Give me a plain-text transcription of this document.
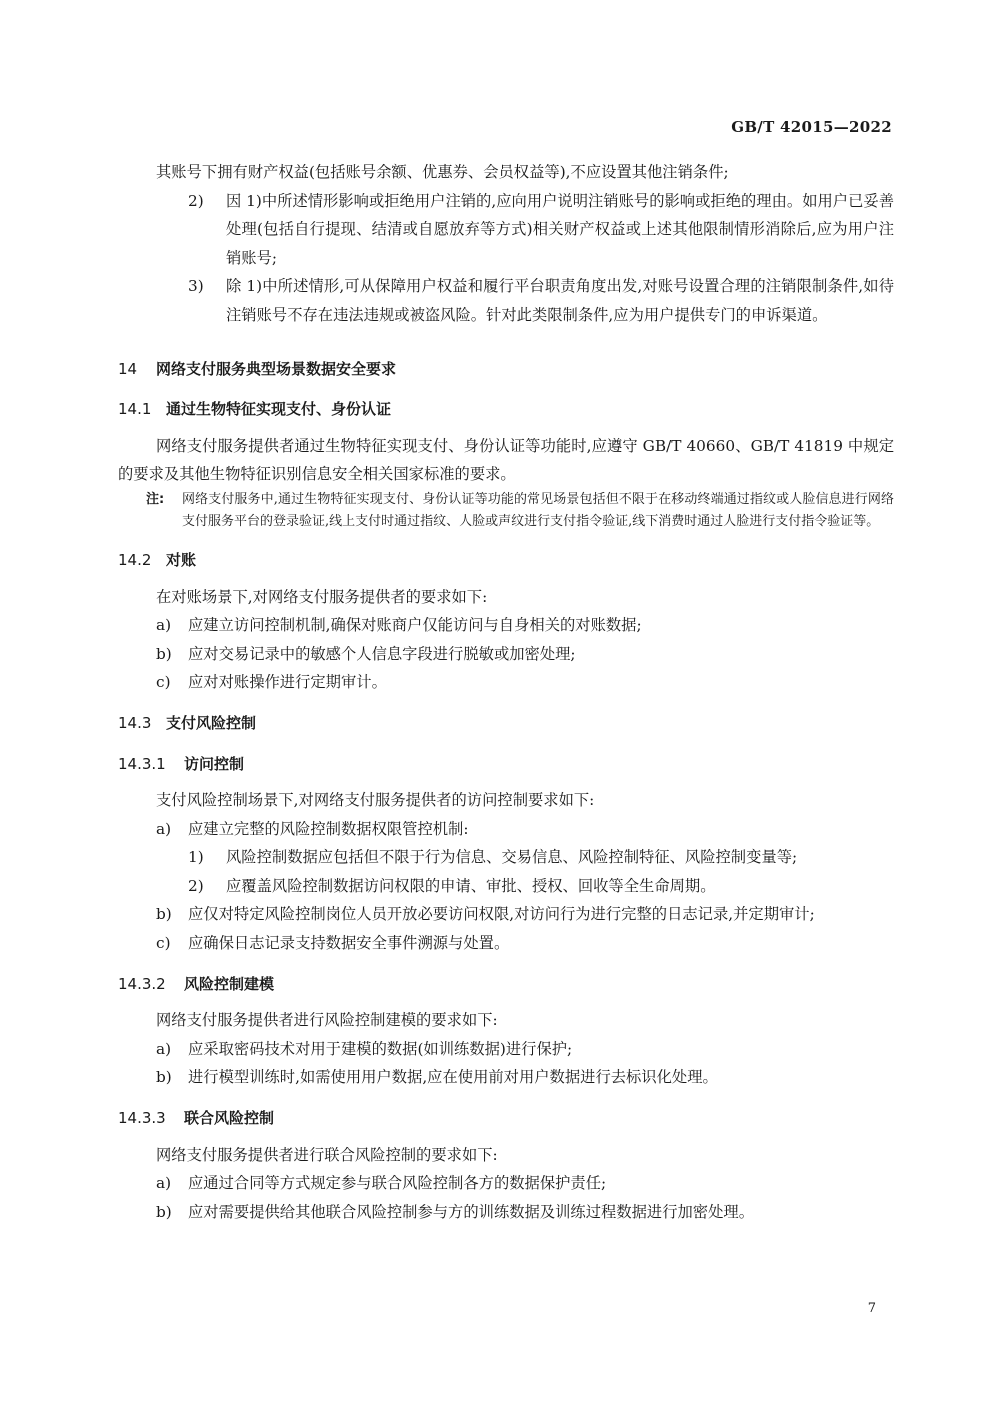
GB/T 42015—2022

其账号下拥有财产权益(包括账号余额、优惠券、会员权益等),不应设置其他注销条件;

2)	因 1)中所述情形影响或拒绝用户注销的,应向用户说明注销账号的影响或拒绝的理由。如用户已妥善处理(包括自行提现、结清或自愿放弃等方式)相关财产权益或上述其他限制情形消除后,应为用户注销账号;
3)	除 1)中所述情形,可从保障用户权益和履行平台职责角度出发,对账号设置合理的注销限制条件,如待注销账号不存在违法违规或被盗风险。针对此类限制条件,应为用户提供专门的申诉渠道。
14 网络支付服务典型场景数据安全要求
14.1 通过生物特征实现支付、身份认证

网络支付服务提供者通过生物特征实现支付、身份认证等功能时,应遵守 GB/T 40660、GB/T 41819 中规定的要求及其他生物特征识别信息安全相关国家标准的要求。

注:	网络支付服务中,通过生物特征实现支付、身份认证等功能的常见场景包括但不限于在移动终端通过指纹或人脸信息进行网络支付服务平台的登录验证,线上支付时通过指纹、人脸或声纹进行支付指令验证,线下消费时通过人脸进行支付指令验证等。
14.2 对账

在对账场景下,对网络支付服务提供者的要求如下:

a)	应建立访问控制机制,确保对账商户仅能访问与自身相关的对账数据;
b)	应对交易记录中的敏感个人信息字段进行脱敏或加密处理;
c)	应对对账操作进行定期审计。
14.3 支付风险控制
14.3.1 访问控制

支付风险控制场景下,对网络支付服务提供者的访问控制要求如下:

a)	应建立完整的风险控制数据权限管控机制:
1)	风险控制数据应包括但不限于行为信息、交易信息、风险控制特征、风险控制变量等;
2)	应覆盖风险控制数据访问权限的申请、审批、授权、回收等全生命周期。
b)	应仅对特定风险控制岗位人员开放必要访问权限,对访问行为进行完整的日志记录,并定期审计;
c)	应确保日志记录支持数据安全事件溯源与处置。
14.3.2 风险控制建模

网络支付服务提供者进行风险控制建模的要求如下:

a)	应采取密码技术对用于建模的数据(如训练数据)进行保护;
b)	进行模型训练时,如需使用用户数据,应在使用前对用户数据进行去标识化处理。
14.3.3 联合风险控制

网络支付服务提供者进行联合风险控制的要求如下:

a)	应通过合同等方式规定参与联合风险控制各方的数据保护责任;
b)	应对需要提供给其他联合风险控制参与方的训练数据及训练过程数据进行加密处理。
7
